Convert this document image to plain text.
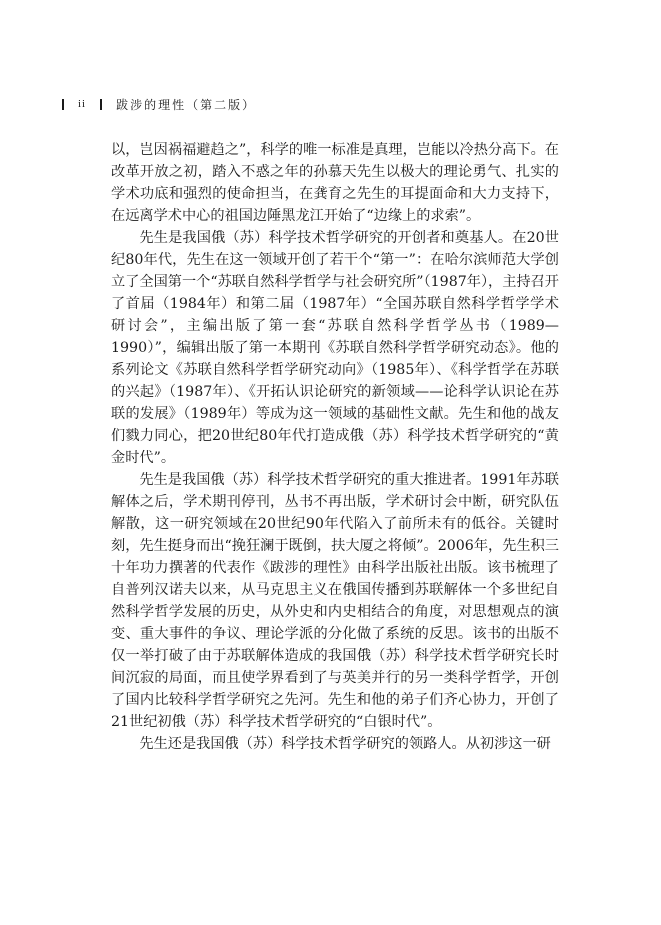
ii	跋涉的理性（第二版）

以，岂因祸福避趋之”，科学的唯一标准是真理，岂能以冷热分高下。在改革开放之初，踏入不惑之年的孙慕天先生以极大的理论勇气、扎实的学术功底和强烈的使命担当，在龚育之先生的耳提面命和大力支持下，在远离学术中心的祖国边陲黑龙江开始了“边缘上的求索”。

先生是我国俄（苏）科学技术哲学研究的开创者和奠基人。在20世纪80年代，先生在这一领域开创了若干个“第一”：在哈尔滨师范大学创立了全国第一个“苏联自然科学哲学与社会研究所”（1987年），主持召开了首届（1984年）和第二届（1987年）“全国苏联自然科学哲学学术研讨会”，主编出版了第一套“苏联自然科学哲学丛书（1989—1990）”，编辑出版了第一本期刊《苏联自然科学哲学研究动态》。他的系列论文《苏联自然科学哲学研究动向》（1985年）、《科学哲学在苏联的兴起》（1987年）、《开拓认识论研究的新领域——论科学认识论在苏联的发展》（1989年）等成为这一领域的基础性文献。先生和他的战友们戮力同心，把20世纪80年代打造成俄（苏）科学技术哲学研究的“黄金时代”。

先生是我国俄（苏）科学技术哲学研究的重大推进者。1991年苏联解体之后，学术期刊停刊，丛书不再出版，学术研讨会中断，研究队伍解散，这一研究领域在20世纪90年代陷入了前所未有的低谷。关键时刻，先生挺身而出“挽狂澜于既倒，扶大厦之将倾”。2006年，先生积三十年功力撰著的代表作《跋涉的理性》由科学出版社出版。该书梳理了自普列汉诺夫以来，从马克思主义在俄国传播到苏联解体一个多世纪自然科学哲学发展的历史，从外史和内史相结合的角度，对思想观点的演变、重大事件的争议、理论学派的分化做了系统的反思。该书的出版不仅一举打破了由于苏联解体造成的我国俄（苏）科学技术哲学研究长时间沉寂的局面，而且使学界看到了与英美并行的另一类科学哲学，开创了国内比较科学哲学研究之先河。先生和他的弟子们齐心协力，开创了21世纪初俄（苏）科学技术哲学研究的“白银时代”。

先生还是我国俄（苏）科学技术哲学研究的领路人。从初涉这一研
